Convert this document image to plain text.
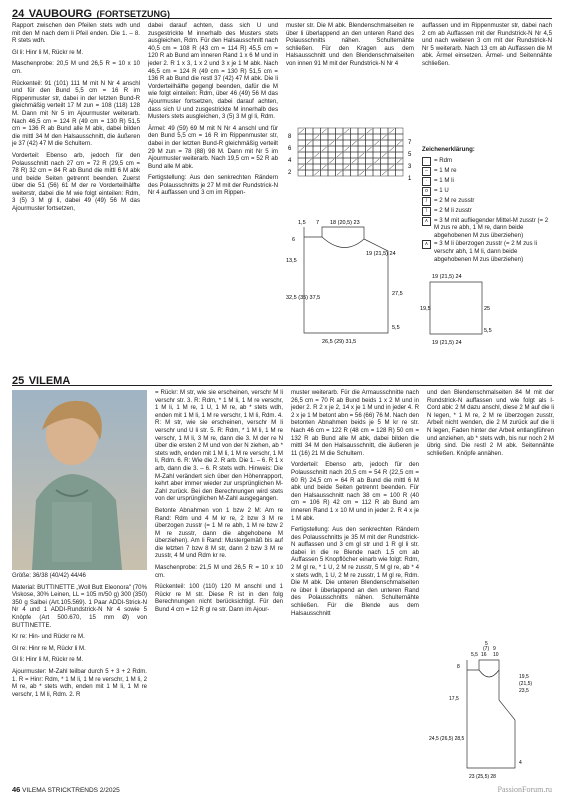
24 VAUBOURG (FORTSETZUNG)

Rapport zwischen den Pfeilen stets wdh und mit den M nach dem li Pfeil enden. Die 1. – 8. R stets wdh.

Gl li: Hinr li M, Rückr re M.

Maschenprobe: 20,5 M und 26,5 R = 10 x 10 cm.

Rückenteil: 91 (101) 111 M mit N Nr 4 anschl und für den Bund 5,5 cm = 16 R im Rippenmuster str, dabei in der letzten Bund-R gleichmäßig verteilt 17 M zun = 108 (118) 128 M. Dann mit Nr 5 im Ajourmuster weiterarb. Nach 46,5 cm = 124 R (49 cm = 130 R) 51,5 cm = 136 R ab Bund alle M abk, dabei bilden die mittl 34 M den Halsausschnitt, die äußeren je 37 (42) 47 M die Schultern.

Vorderteil: Ebenso arb, jedoch für den Polausschnitt nach 27 cm = 72 R (29,5 cm = 78 R) 32 cm = 84 R ab Bund die mittl 6 M abk und beide Seiten getrennt beenden. Zuerst über die 51 (56) 61 M der re Vorderteilhälfte weiterstr, dabei die M wie folgt einteilen: Rdm, 3 (5) 3 M gl li, dabei 49 (49) 56 M das Ajourmuster fortsetzen,

dabei darauf achten, dass sich U und zusgestrickte M innerhalb des Musters stets ausgleichen, Rdm. Für den Halsausschnitt nach 40,5 cm = 108 R (43 cm = 114 R) 45,5 cm = 120 R ab Bund am inneren Rand 1 x 6 M und in jeder 2. R 1 x 3, 1 x 2 und 3 x je 1 M abk. Nach 46,5 cm = 124 R (49 cm = 130 R) 51,5 cm = 136 R ab Bund die restl 37 (42) 47 M abk. Die li Vorderteilhälfte gegengl beenden, dafür die M wie folgt einteilen: Rdm, über 46 (49) 56 M das Ajourmuster fortsetzen, dabei darauf achten, dass sich U und zusgestrickte M innerhalb des Musters stets ausgleichen, 3 (5) 3 M gl li, Rdm.

Ärmel: 49 (59) 69 M mit N Nr 4 anschl und für den Bund 5,5 cm = 16 R im Rippenmuster str, dabei in der letzten Bund-R gleichmäßig verteilt 29 M zun = 78 (88) 98 M. Dann mit Nr 5 im Ajourmuster weiterarb. Nach 19,5 cm = 52 R ab Bund alle M abk.

Fertigstellung: Aus den senkrechten Rändern des Polausschnitts je 27 M mit der Rundstrick-N Nr 4 auffassen und 3 cm im Rippen-

muster str. Die M abk. Blendenschmalseiten re über li überlappend an den unteren Rand des Polausschnitts nähen. Schulternähte schließen. Für den Kragen aus dem Halsausschnitt und den Blendenschmalseiten von innen 91 M mit der Rundstrick-N Nr 4

auffassen und im Rippenmuster str, dabei nach 2 cm ab Auffassen mit der Rundstrick-N Nr 4,5 und nach weiteren 3 cm mit der Rundstrick-N Nr 5 weiterarb. Nach 13 cm ab Auffassen die M abk. Ärmel einsetzen. Ärmel- und Seitennähte schließen.

8
6
4
2
7
5
3
1
Zeichenerklärung:
= Rdm
–	= 1 M re
·	= 1 M li
o	= 1 U
/	= 2 M re zusstr
\	= 2 M li zusstr
∧ = 3 M mit aufliegender Mittel-M zusstr (= 2 M zus re abh, 1 M re, dann beide abgehobenen M zus überziehen)
∧ = 3 M li überzogen zusstr (= 2 M zus li verschr abh, 1 M li, dann beide abgehobenen M zus überziehen)
1,5 7 18 (20,5) 23
6
13,5
32,5 (35) 37,5
19 (21,5) 24
27,5
5,5
26,5 (29) 31,5
19 (21,5) 24
19,5	25
5,5
19 (21,5) 24
25 VILEMA

Größe: 36/38 (40/42) 44/46

Material: BUTTINETTE „Woll Butt Eleonora" (70% Viskose, 30% Leinen, LL = 105 m/50 g) 300 (350) 350 g Salbei (Art.105.569). 1 Paar ADDI-Strick-N Nr 4 und 1 ADDI-Rundstrick-N Nr 4 sowie 5 Knöpfe (Art 500.670, 15 mm Ø) von BUTTINETTE.

Kr re: Hin- und Rückr re M.

Gl re: Hinr re M, Rückr li M.

Gl li: Hinr li M, Rückr re M.

Ajourmuster: M-Zahl teilbar durch 5 + 3 + 2 Rdm. 1. R = Hinr: Rdm, * 1 M li, 1 M re verschr, 1 M li, 2 M re, ab * stets wdh, enden mit 1 M li, 1 M re verschr, 1 M li, Rdm. 2. R

= Rückr: M str, wie sie erscheinen, verschr M li verschr str. 3. R: Rdm, * 1 M li, 1 M re verschr, 1 M li, 1 M re, 1 U, 1 M re, ab * stets wdh, enden mit 1 M li, 1 M re verschr, 1 M li, Rdm. 4. R: M str, wie sie erscheinen, verschr M li verschr und U li str. 5. R: Rdm, * 1 M li, 1 M re verschr, 1 M li, 3 M re, dann die 3. M der re N über die ersten 2 M und von der N ziehen, ab * stets wdh, enden mit 1 M li, 1 M re verschr, 1 M li, Rdm. 6. R: Wie die 2. R arb. Die 1. – 6. R 1 x arb, dann die 3. – 6. R stets wdh. Hinweis: Die M-Zahl verändert sich über den Höhenrapport, kehrt aber immer wieder zur ursprünglichen M-Zahl zurück. Bei den Berechnungen wird stets von der ursprünglichen M-Zahl ausgegangen.

Betonte Abnahmen von 1 bzw 2 M: Am re Rand: Rdm und 4 M kr re, 2 bzw 3 M re überzogen zusstr (= 1 M re abh, 1 M re bzw 2 M re zusstr, dann die abgehobene M überziehen). Am li Rand: Mustergemäß bis auf die letzten 7 bzw 8 M str, dann 2 bzw 3 M re zusstr, 4 M und Rdm kr re.

Maschenprobe: 21,5 M und 26,5 R = 10 x 10 cm.

Rückenteil: 100 (110) 120 M anschl und 1 Rückr re M str. Diese R ist in den folg Berechnungen nicht berücksichtigt. Für den Bund 4 cm = 12 R gl re str. Dann im Ajour-

muster weiterarb. Für die Armausschnitte nach 26,5 cm = 70 R ab Bund beids 1 x 2 M und in jeder 2. R 2 x je 2, 14 x je 1 M und in jeder 4. R 2 x je 1 M betont abn = 56 (66) 76 M. Nach den betonten Abnahmen beids je 5 M kr re str. Nach 46 cm = 122 R (48 cm = 128 R) 50 cm = 132 R ab Bund alle M abk, dabei bilden die mittl 34 M den Halsausschnitt, die äußeren je 11 (16) 21 M die Schultern.

Vorderteil: Ebenso arb, jedoch für den Polausschnitt nach 20,5 cm = 54 R (22,5 cm = 60 R) 24,5 cm = 64 R ab Bund die mittl 6 M abk und beide Seiten getrennt beenden. Für den Halsausschnitt nach 38 cm = 100 R (40 cm = 106 R) 42 cm = 112 R ab Bund am inneren Rand 1 x 10 M und in jeder 2. R 4 x je 1 M abk.

Fertigstellung: Aus den senkrechten Rändern des Polausschnitts je 35 M mit der Rundstrick-N auffassen und 3 cm gl str und 1 R gl li str. dabei in die re Blende nach 1,5 cm ab Auffassen 5 Knopflöcher einarb wie folgt: Rdm, 2 M gl re, * 1 U, 2 M re zusstr, 5 M gl re, ab * 4 x stets wdh, 1 U, 2 M re zusstr, 1 M gl re, Rdm. Die M abk. Die unteren Blendenschmalseiten re über li überlappend an den unteren Rand des Polausschnitts nähen. Schulternähte schließen. Für die Blende aus dem Halsausschnitt

und den Blendenschmalseiten 84 M mit der Rundstrick-N auffassen und wie folgt als I-Cord abk: 2 M dazu anschl, diese 2 M auf die li N legen, * 1 M re, 2 M re überzogen zusstr, Arbeit nicht wenden, die 2 M zurück auf die li N legen, Faden hinter der Arbeit entlangführen und anziehen, ab * stets wdh, bis nur noch 2 M übrig sind. Die restl 2 M abk. Seitennähte schließen. Knöpfe annähen.

5
(7) 9
5,5 16 10
8
17,5
24,5 (26,5) 28,5
19,5
(21,5)
23,5
4
23 (25,5) 28
46 VILEMA STRICKTRENDS 2/2025	PassionForum.ru
